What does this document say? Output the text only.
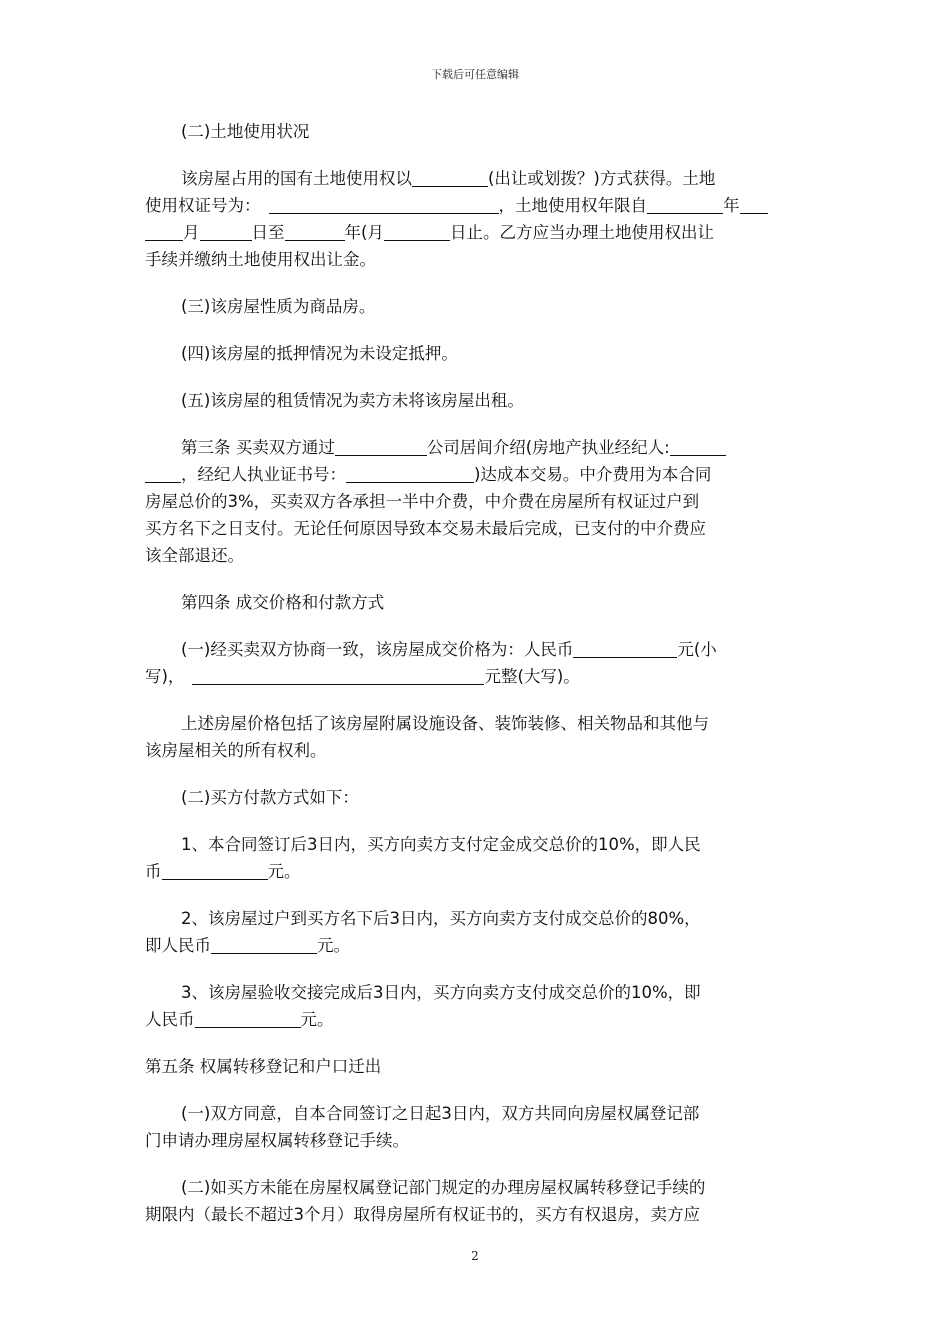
下载后可任意编辑
(二)土地使用状况
该房屋占用的国有土地使用权以	(出让或划拨？)方式获得。土地
使用权证号为：	，土地使用权年限自	年
月	日至	年(月	日止。乙方应当办理土地使用权出让
手续并缴纳土地使用权出让金。
(三)该房屋性质为商品房。
(四)该房屋的抵押情况为未设定抵押。
(五)该房屋的租赁情况为卖方未将该房屋出租。
第三条 买卖双方通过	公司居间介绍(房地产执业经纪人:
，经纪人执业证书号：	)达成本交易。中介费用为本合同
房屋总价的3%，买卖双方各承担一半中介费，中介费在房屋所有权证过户到
买方名下之日支付。无论任何原因导致本交易未最后完成，已支付的中介费应
该全部退还。
第四条 成交价格和付款方式
(一)经买卖双方协商一致，该房屋成交价格为：人民币	元(小
写)，	元整(大写)。
上述房屋价格包括了该房屋附属设施设备、装饰装修、相关物品和其他与
该房屋相关的所有权利。
(二)买方付款方式如下：
1、本合同签订后3日内，买方向卖方支付定金成交总价的10%，即人民
币	元。
2、该房屋过户到买方名下后3日内，买方向卖方支付成交总价的80%，
即人民币	元。
3、该房屋验收交接完成后3日内，买方向卖方支付成交总价的10%，即
人民币	元。
第五条 权属转移登记和户口迁出
(一)双方同意，自本合同签订之日起3日内，双方共同向房屋权属登记部
门申请办理房屋权属转移登记手续。
(二)如买方未能在房屋权属登记部门规定的办理房屋权属转移登记手续的
期限内（最长不超过3个月）取得房屋所有权证书的，买方有权退房，卖方应
2
